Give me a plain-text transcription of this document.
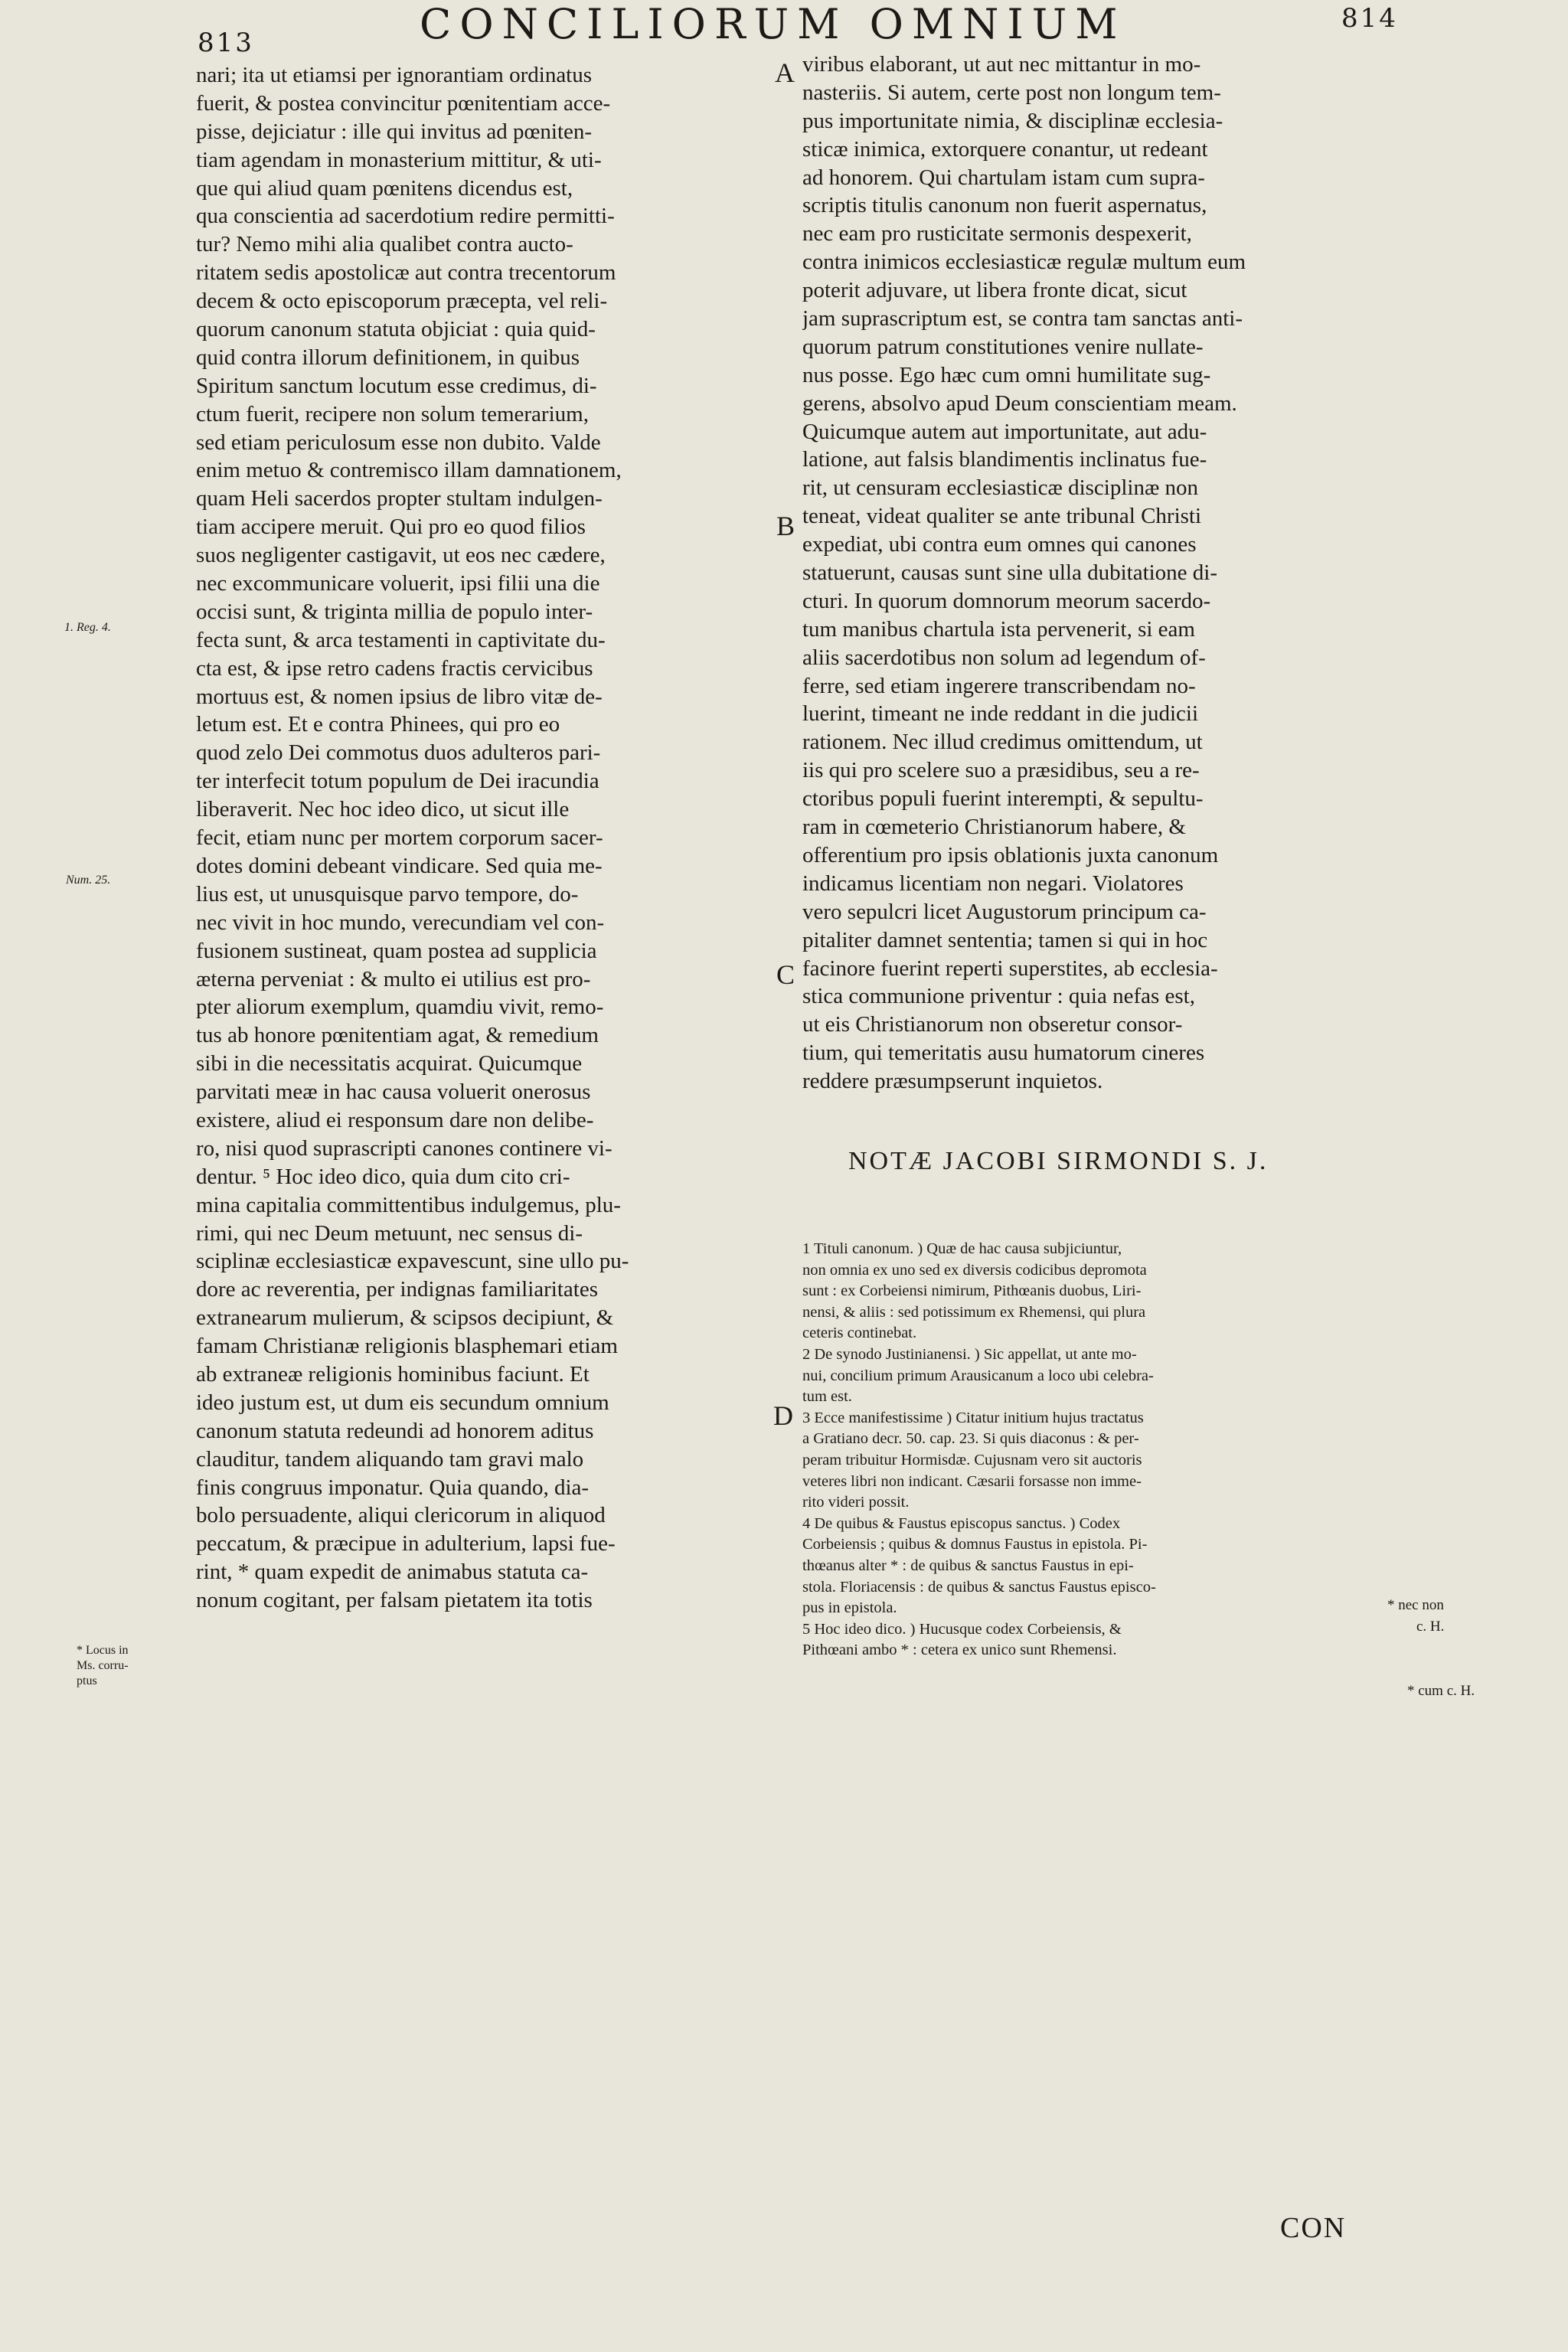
813	CONCILIORUM OMNIUM	814
nari; ita ut etiamsi per ignorantiam ordinatus
fuerit, & postea convincitur pœnitentiam acce-
pisse, dejiciatur : ille qui invitus ad pœniten-
tiam agendam in monasterium mittitur, & uti-
que qui aliud quam pœnitens dicendus est,
qua conscientia ad sacerdotium redire permitti-
tur? Nemo mihi alia qualibet contra aucto-
ritatem sedis apostolicæ aut contra trecentorum
decem & octo episcoporum præcepta, vel reli-
quorum canonum statuta objiciat : quia quid-
quid contra illorum definitionem, in quibus
Spiritum sanctum locutum esse credimus, di-
ctum fuerit, recipere non solum temerarium,
sed etiam periculosum esse non dubito. Valde
enim metuo & contremisco illam damnationem,
quam Heli sacerdos propter stultam indulgen-
tiam accipere meruit. Qui pro eo quod filios
suos negligenter castigavit, ut eos nec cædere,
nec excommunicare voluerit, ipsi filii una die
occisi sunt, & triginta millia de populo inter-
fecta sunt, & arca testamenti in captivitate du-
cta est, & ipse retro cadens fractis cervicibus
mortuus est, & nomen ipsius de libro vitæ de-
letum est. Et e contra Phinees, qui pro eo
quod zelo Dei commotus duos adulteros pari-
ter interfecit totum populum de Dei iracundia
liberaverit. Nec hoc ideo dico, ut sicut ille
fecit, etiam nunc per mortem corporum sacer-
dotes domini debeant vindicare. Sed quia me-
lius est, ut unusquisque parvo tempore, do-
nec vivit in hoc mundo, verecundiam vel con-
fusionem sustineat, quam postea ad supplicia
æterna perveniat : & multo ei utilius est pro-
pter aliorum exemplum, quamdiu vivit, remo-
tus ab honore pœnitentiam agat, & remedium
sibi in die necessitatis acquirat. Quicumque
parvitati meæ in hac causa voluerit onerosus
existere, aliud ei responsum dare non delibe-
ro, nisi quod suprascripti canones continere vi-
dentur. ⁵ Hoc ideo dico, quia dum cito cri-
mina capitalia committentibus indulgemus, plu-
rimi, qui nec Deum metuunt, nec sensus di-
sciplinæ ecclesiasticæ expavescunt, sine ullo pu-
dore ac reverentia, per indignas familiaritates
extranearum mulierum, & scipsos decipiunt, &
famam Christianæ religionis blasphemari etiam
ab extraneæ religionis hominibus faciunt. Et
ideo justum est, ut dum eis secundum omnium
canonum statuta redeundi ad honorem aditus
clauditur, tandem aliquando tam gravi malo
finis congruus imponatur. Quia quando, dia-
bolo persuadente, aliqui clericorum in aliquod
peccatum, & præcipue in adulterium, lapsi fue-
rint, * quam expedit de animabus statuta ca-
nonum cogitant, per falsam pietatem ita totis
viribus elaborant, ut aut nec mittantur in mo-
nasteriis. Si autem, certe post non longum tem-
pus importunitate nimia, & disciplinæ ecclesia-
sticæ inimica, extorquere conantur, ut redeant
ad honorem. Qui chartulam istam cum supra-
scriptis titulis canonum non fuerit aspernatus,
nec eam pro rusticitate sermonis despexerit,
contra inimicos ecclesiasticæ regulæ multum eum
poterit adjuvare, ut libera fronte dicat, sicut
jam suprascriptum est, se contra tam sanctas anti-
quorum patrum constitutiones venire nullate-
nus posse. Ego hæc cum omni humilitate sug-
gerens, absolvo apud Deum conscientiam meam.
Quicumque autem aut importunitate, aut adu-
latione, aut falsis blandimentis inclinatus fue-
rit, ut censuram ecclesiasticæ disciplinæ non
teneat, videat qualiter se ante tribunal Christi
expediat, ubi contra eum omnes qui canones
statuerunt, causas sunt sine ulla dubitatione di-
cturi. In quorum domnorum meorum sacerdo-
tum manibus chartula ista pervenerit, si eam
aliis sacerdotibus non solum ad legendum of-
ferre, sed etiam ingerere transcribendam no-
luerint, timeant ne inde reddant in die judicii
rationem. Nec illud credimus omittendum, ut
iis qui pro scelere suo a præsidibus, seu a re-
ctoribus populi fuerint interempti, & sepultu-
ram in cœmeterio Christianorum habere, &
offerentium pro ipsis oblationis juxta canonum
indicamus licentiam non negari. Violatores
vero sepulcri licet Augustorum principum ca-
pitaliter damnet sententia; tamen si qui in hoc
facinore fuerint reperti superstites, ab ecclesia-
stica communione priventur : quia nefas est,
ut eis Christianorum non obseretur consor-
tium, qui temeritatis ausu humatorum cineres
reddere præsumpserunt inquietos.
A
B
C
D
1. Reg. 4.
Num. 25.
* Locus in
Ms. corru-
ptus
NOTÆ JACOBI SIRMONDI S. J.
1 Tituli canonum. ) Quæ de hac causa subjiciuntur,
non omnia ex uno sed ex diversis codicibus depromota
sunt : ex Corbeiensi nimirum, Pithœanis duobus, Liri-
nensi, & aliis : sed potissimum ex Rhemensi, qui plura
ceteris continebat.
2 De synodo Justinianensi. ) Sic appellat, ut ante mo-
nui, concilium primum Arausicanum a loco ubi celebra-
tum est.
3 Ecce manifestissime ) Citatur initium hujus tractatus
a Gratiano decr. 50. cap. 23. Si quis diaconus : & per-
peram tribuitur Hormisdæ. Cujusnam vero sit auctoris
veteres libri non indicant. Cæsarii forsasse non imme-
rito videri possit.
4 De quibus & Faustus episcopus sanctus. ) Codex
Corbeiensis ; quibus & domnus Faustus in epistola. Pi-
thœanus alter * : de quibus & sanctus Faustus in epi-
stola. Floriacensis : de quibus & sanctus Faustus episco-
pus in epistola.
5 Hoc ideo dico. ) Hucusque codex Corbeiensis, &
Pithœani ambo * : cetera ex unico sunt Rhemensi.
* nec non
c. H.
* cum c. H.
CON
